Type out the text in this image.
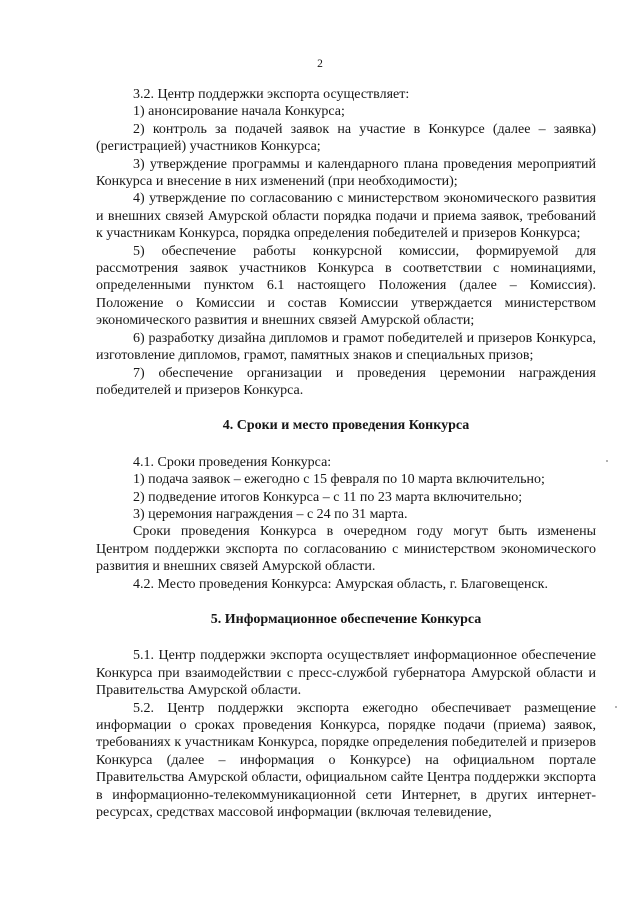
2

3.2. Центр поддержки экспорта осуществляет:

1) анонсирование начала Конкурса;

2) контроль за подачей заявок на участие в Конкурсе (далее – заявка) (регистрацией) участников Конкурса;

3) утверждение программы и календарного плана проведения мероприятий Конкурса и внесение в них изменений (при необходимости);

4) утверждение по согласованию с министерством экономического развития и внешних связей Амурской области порядка подачи и приема заявок, требований к участникам Конкурса, порядка определения победителей и призеров Конкурса;

5) обеспечение работы конкурсной комиссии, формируемой для рассмотрения заявок участников Конкурса в соответствии с номинациями, определенными пунктом 6.1 настоящего Положения (далее – Комиссия). Положение о Комиссии и состав Комиссии утверждается министерством экономического развития и внешних связей Амурской области;

6) разработку дизайна дипломов и грамот победителей и призеров Конкурса, изготовление дипломов, грамот, памятных знаков и специальных призов;

7) обеспечение организации и проведения церемонии награждения победителей и призеров Конкурса.

4. Сроки и место проведения Конкурса

4.1. Сроки проведения Конкурса:

1) подача заявок – ежегодно с 15 февраля по 10 марта включительно;

2) подведение итогов Конкурса – с 11 по 23 марта включительно;

3) церемония награждения – с 24 по 31 марта.

Сроки проведения Конкурса в очередном году могут быть изменены Центром поддержки экспорта по согласованию с министерством экономического развития и внешних связей Амурской области.

4.2. Место проведения Конкурса: Амурская область, г. Благовещенск.

5. Информационное обеспечение Конкурса

5.1. Центр поддержки экспорта осуществляет информационное обеспечение Конкурса при взаимодействии с пресс-службой губернатора Амурской области и Правительства Амурской области.

5.2. Центр поддержки экспорта ежегодно обеспечивает размещение информации о сроках проведения Конкурса, порядке подачи (приема) заявок, требованиях к участникам Конкурса, порядке определения победителей и призеров Конкурса (далее – информация о Конкурсе) на официальном портале Правительства Амурской области, официальном сайте Центра поддержки экспорта в информационно-телекоммуникационной сети Интернет, в других интернет-ресурсах, средствах массовой информации (включая телевидение,
